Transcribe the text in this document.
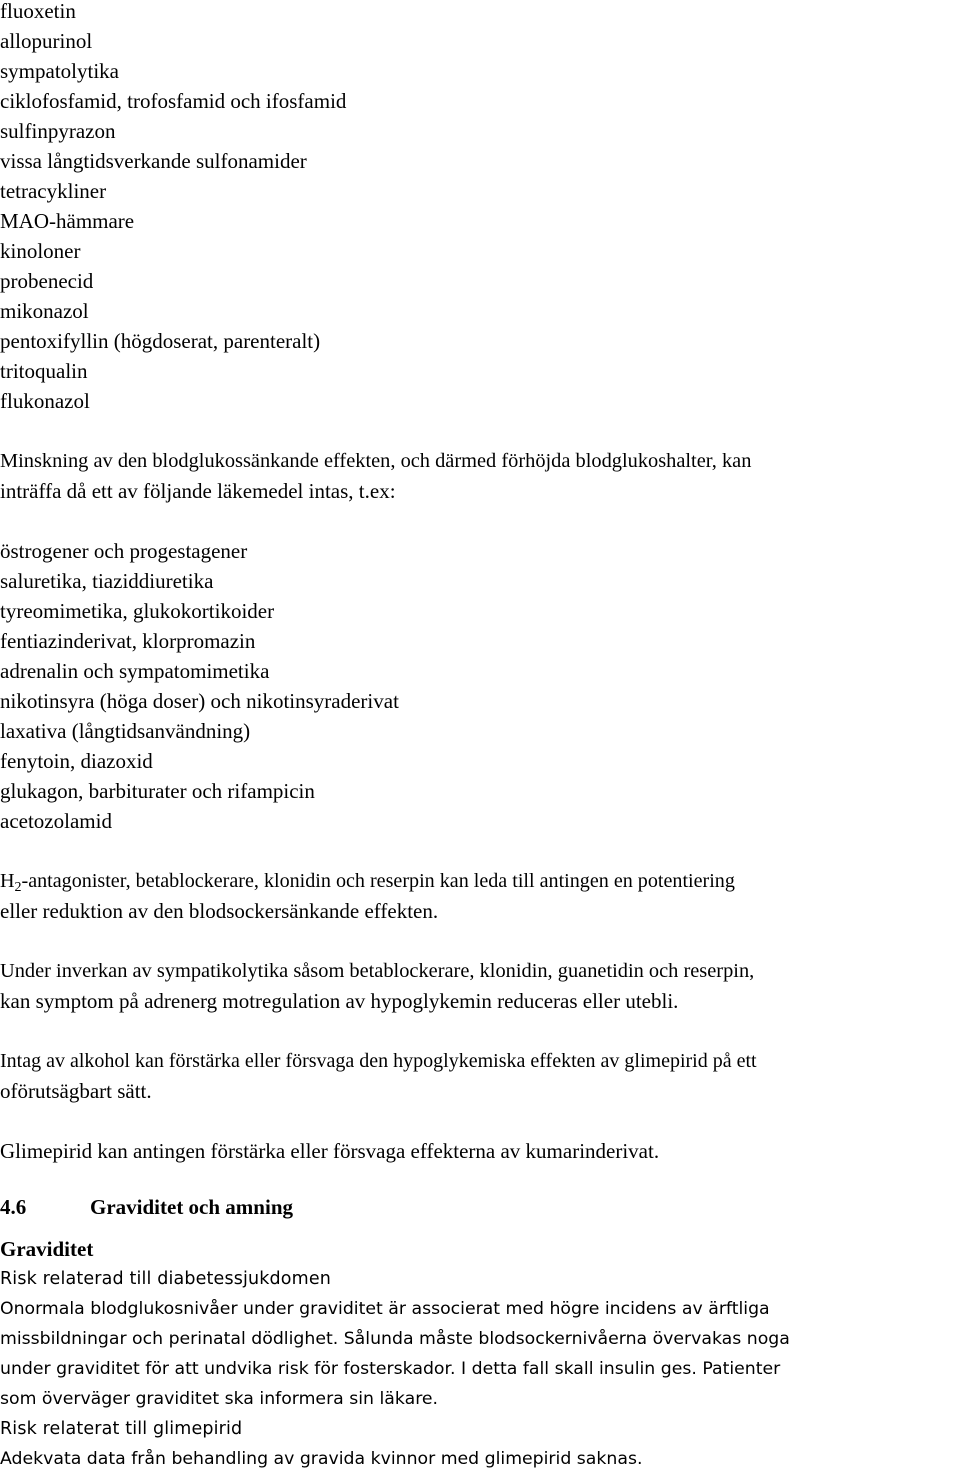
fluoxetin
allopurinol
sympatolytika
ciklofosfamid, trofosfamid och ifosfamid
sulfinpyrazon
vissa långtidsverkande sulfonamider
tetracykliner
MAO-hämmare
kinoloner
probenecid
mikonazol
pentoxifyllin (högdoserat, parenteralt)
tritoqualin
flukonazol
Minskning av den blodglukossänkande effekten, och därmed förhöjda blodglukoshalter, kan
inträffa då ett av följande läkemedel intas, t.ex:
östrogener och progestagener
saluretika, tiaziddiuretika
tyreomimetika, glukokortikoider
fentiazinderivat, klorpromazin
adrenalin och sympatomimetika
nikotinsyra (höga doser) och nikotinsyraderivat
laxativa (långtidsanvändning)
fenytoin, diazoxid
glukagon, barbiturater och rifampicin
acetozolamid
$H_2$-antagonister, betablockerare, klonidin och reserpin kan leda till antingen en potentiering
eller reduktion av den blodsockersänkande effekten.
Under inverkan av sympatikolytika såsom betablockerare, klonidin, guanetidin och reserpin,
kan symptom på adrenerg motregulation av hypoglykemin reduceras eller utebli.
Intag av alkohol kan förstärka eller försvaga den hypoglykemiska effekten av glimepirid på ett
oförutsägbart sätt.
Glimepirid kan antingen förstärka eller försvaga effekterna av kumarinderivat.
4.6	Graviditet och amning
Graviditet
Risk relaterad till diabetessjukdomen
Onormala blodglukosnivåer under graviditet är associerat med högre incidens av ärftliga
missbildningar och perinatal dödlighet. Sålunda måste blodsockernivåerna övervakas noga
under graviditet för att undvika risk för fosterskador. I detta fall skall insulin ges. Patienter
som överväger graviditet ska informera sin läkare.
Risk relaterat till glimepirid
Adekvata data från behandling av gravida kvinnor med glimepirid saknas.
